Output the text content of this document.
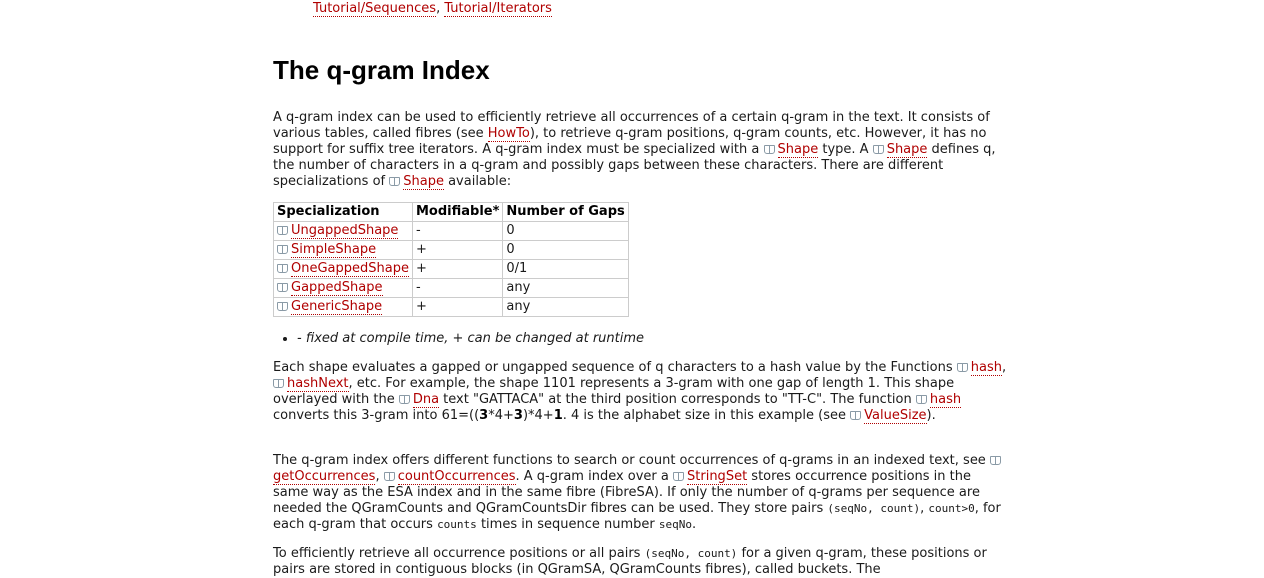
Tutorial/Sequences, Tutorial/Iterators
The q-gram Index

A q-gram index can be used to efficiently retrieve all occurrences of a certain q-gram in the text. It consists of various tables, called fibres (see HowTo), to retrieve q-gram positions, q-gram counts, etc. However, it has no support for suffix tree iterators. A q-gram index must be specialized with a Shape type. A Shape defines q, the number of characters in a q-gram and possibly gaps between these characters. There are different specializations of Shape available:

Specialization	Modifiable*	Number of Gaps
UngappedShape	-	0
SimpleShape	+	0
OneGappedShape	+	0/1
GappedShape	-	any
GenericShape	+	any
• - fixed at compile time, + can be changed at runtime

Each shape evaluates a gapped or ungapped sequence of q characters to a hash value by the Functions hash, hashNext, etc. For example, the shape 1101 represents a 3-gram with one gap of length 1. This shape overlayed with the Dna text "GATTACA" at the third position corresponds to "TT-C". The function hash converts this 3-gram into 61=((3*4+3)*4+1. 4 is the alphabet size in this example (see ValueSize).

The q-gram index offers different functions to search or count occurrences of q-grams in an indexed text, see getOccurrences, countOccurrences. A q-gram index over a StringSet stores occurrence positions in the same way as the ESA index and in the same fibre (FibreSA). If only the number of q-grams per sequence are needed the QGramCounts and QGramCountsDir fibres can be used. They store pairs (seqNo, count), count>0, for each q-gram that occurs counts times in sequence number seqNo.

To efficiently retrieve all occurrence positions or all pairs (seqNo, count) for a given q-gram, these positions or pairs are stored in contiguous blocks (in QGramSA, QGramCounts fibres), called buckets. The
